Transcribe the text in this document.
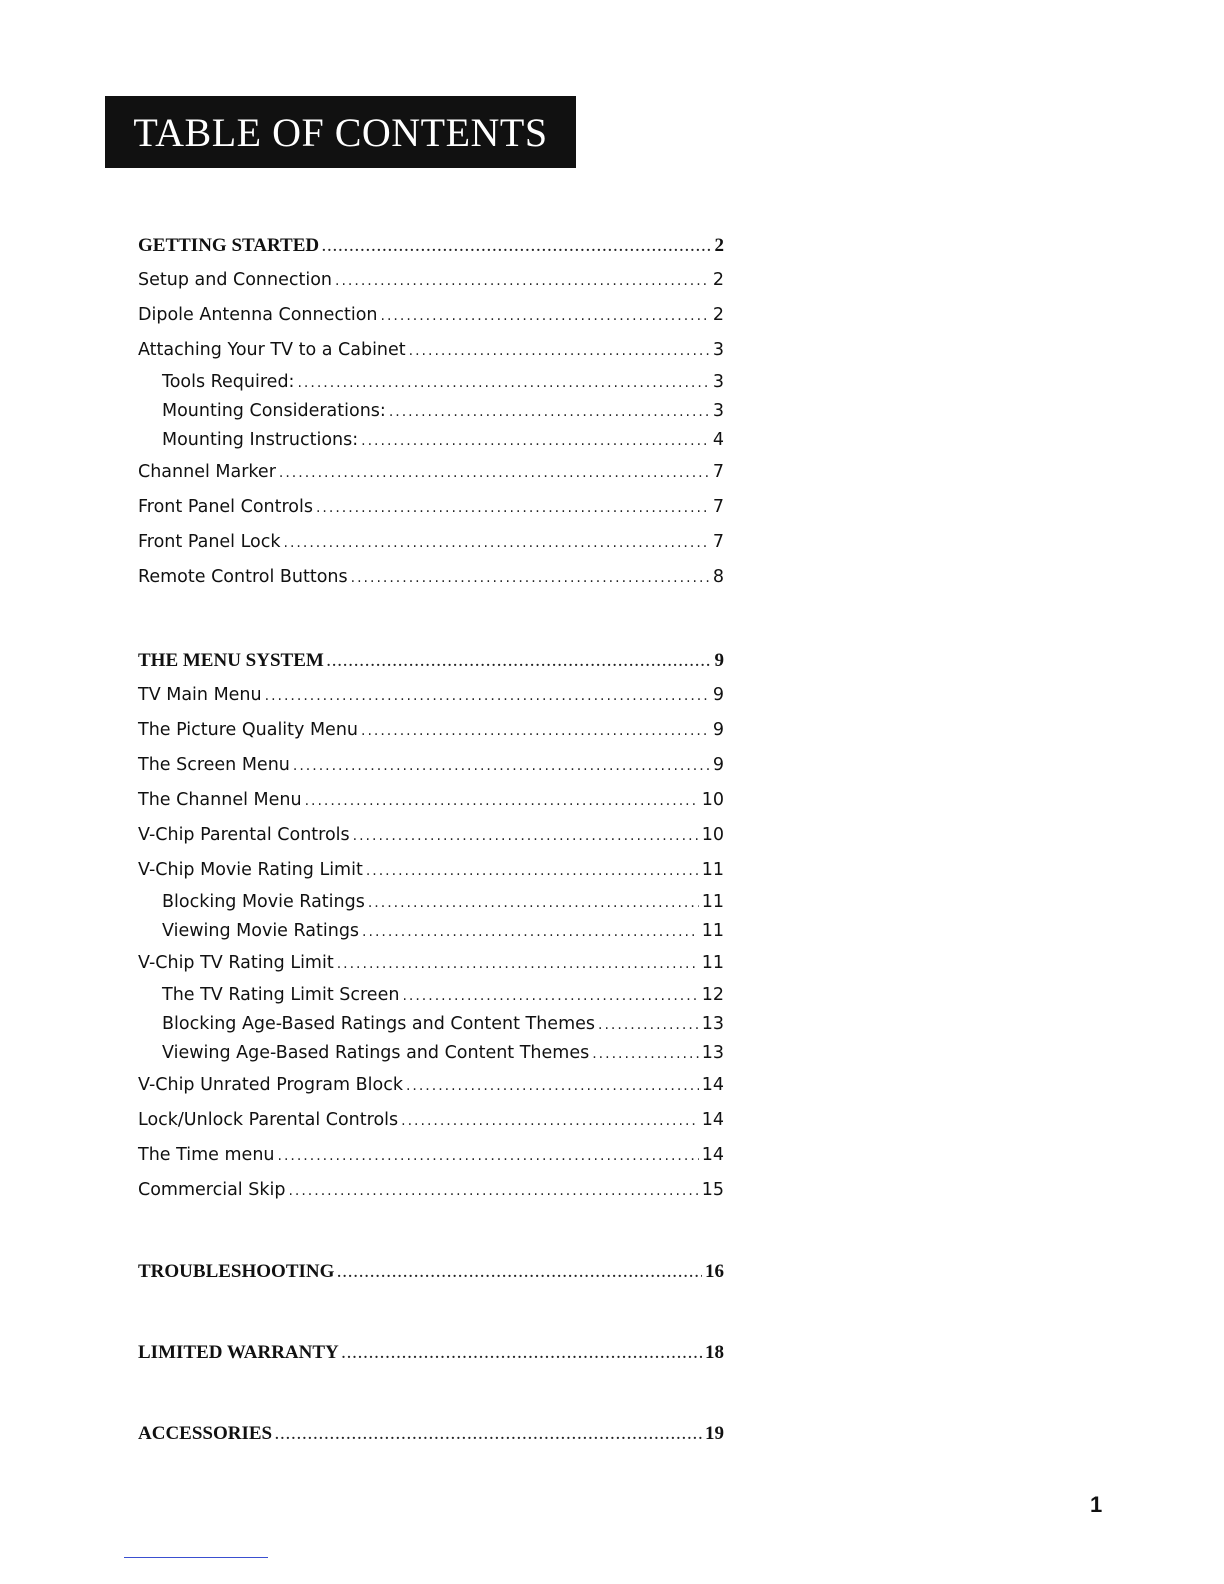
TABLE OF CONTENTS
GETTING STARTED .....	2
Setup and Connection .....	2
Dipole Antenna Connection .....	2
Attaching Your TV to a Cabinet .....	3
Tools Required: .....	3
Mounting Considerations: .....	3
Mounting Instructions: .....	4
Channel Marker .....	7
Front Panel Controls .....	7
Front Panel Lock .....	7
Remote Control Buttons .....	8
THE MENU SYSTEM .....	9
TV Main Menu .....	9
The Picture Quality Menu .....	9
The Screen Menu .....	9
The Channel Menu .....	10
V-Chip Parental Controls .....	10
V-Chip Movie Rating Limit .....	11
Blocking Movie Ratings .....	11
Viewing Movie Ratings .....	11
V-Chip TV Rating Limit .....	11
The TV Rating Limit Screen .....	12
Blocking Age-Based Ratings and Content Themes .....	13
Viewing Age-Based Ratings and Content Themes .....	13
V-Chip Unrated Program Block .....	14
Lock/Unlock Parental Controls .....	14
The Time menu .....	14
Commercial Skip .....	15
TROUBLESHOOTING .....	16
LIMITED WARRANTY .....	18
ACCESSORIES .....	19
1
